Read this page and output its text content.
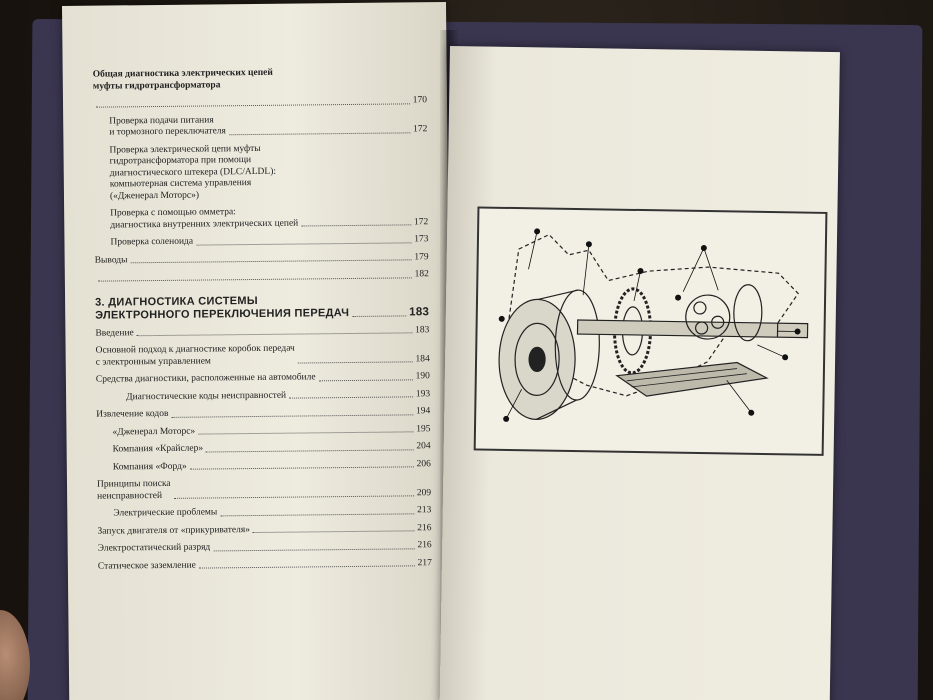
Общая диагностика электрических цепей
муфты гидротрансформатора
170
Проверка подачи питания
и тормозного переключателя	172
Проверка электрической цепи муфты
гидротрансформатора при помощи
диагностического штекера (DLC/ALDL):
компьютерная система управления
(«Дженерал Моторс»)
Проверка с помощью омметра:
диагностика внутренних электрических цепей	172
Проверка соленоида	173
Выводы	179
182
3. ДИАГНОСТИКА СИСТЕМЫ
ЭЛЕКТРОННОГО ПЕРЕКЛЮЧЕНИЯ ПЕРЕДАЧ	183
Введение	183
Основной подход к диагностике коробок передач
с электронным управлением	184
Средства диагностики, расположенные на автомобиле	190
Диагностические коды неисправностей	193
Извлечение кодов	194
«Дженерал Моторс»	195
Компания «Крайслер»	204
Компания «Форд»	206
Принципы поиска
неисправностей	209
Электрические проблемы	213
Запуск двигателя от «прикуривателя»	216
Электростатический разряд	216
Статическое заземление	217
